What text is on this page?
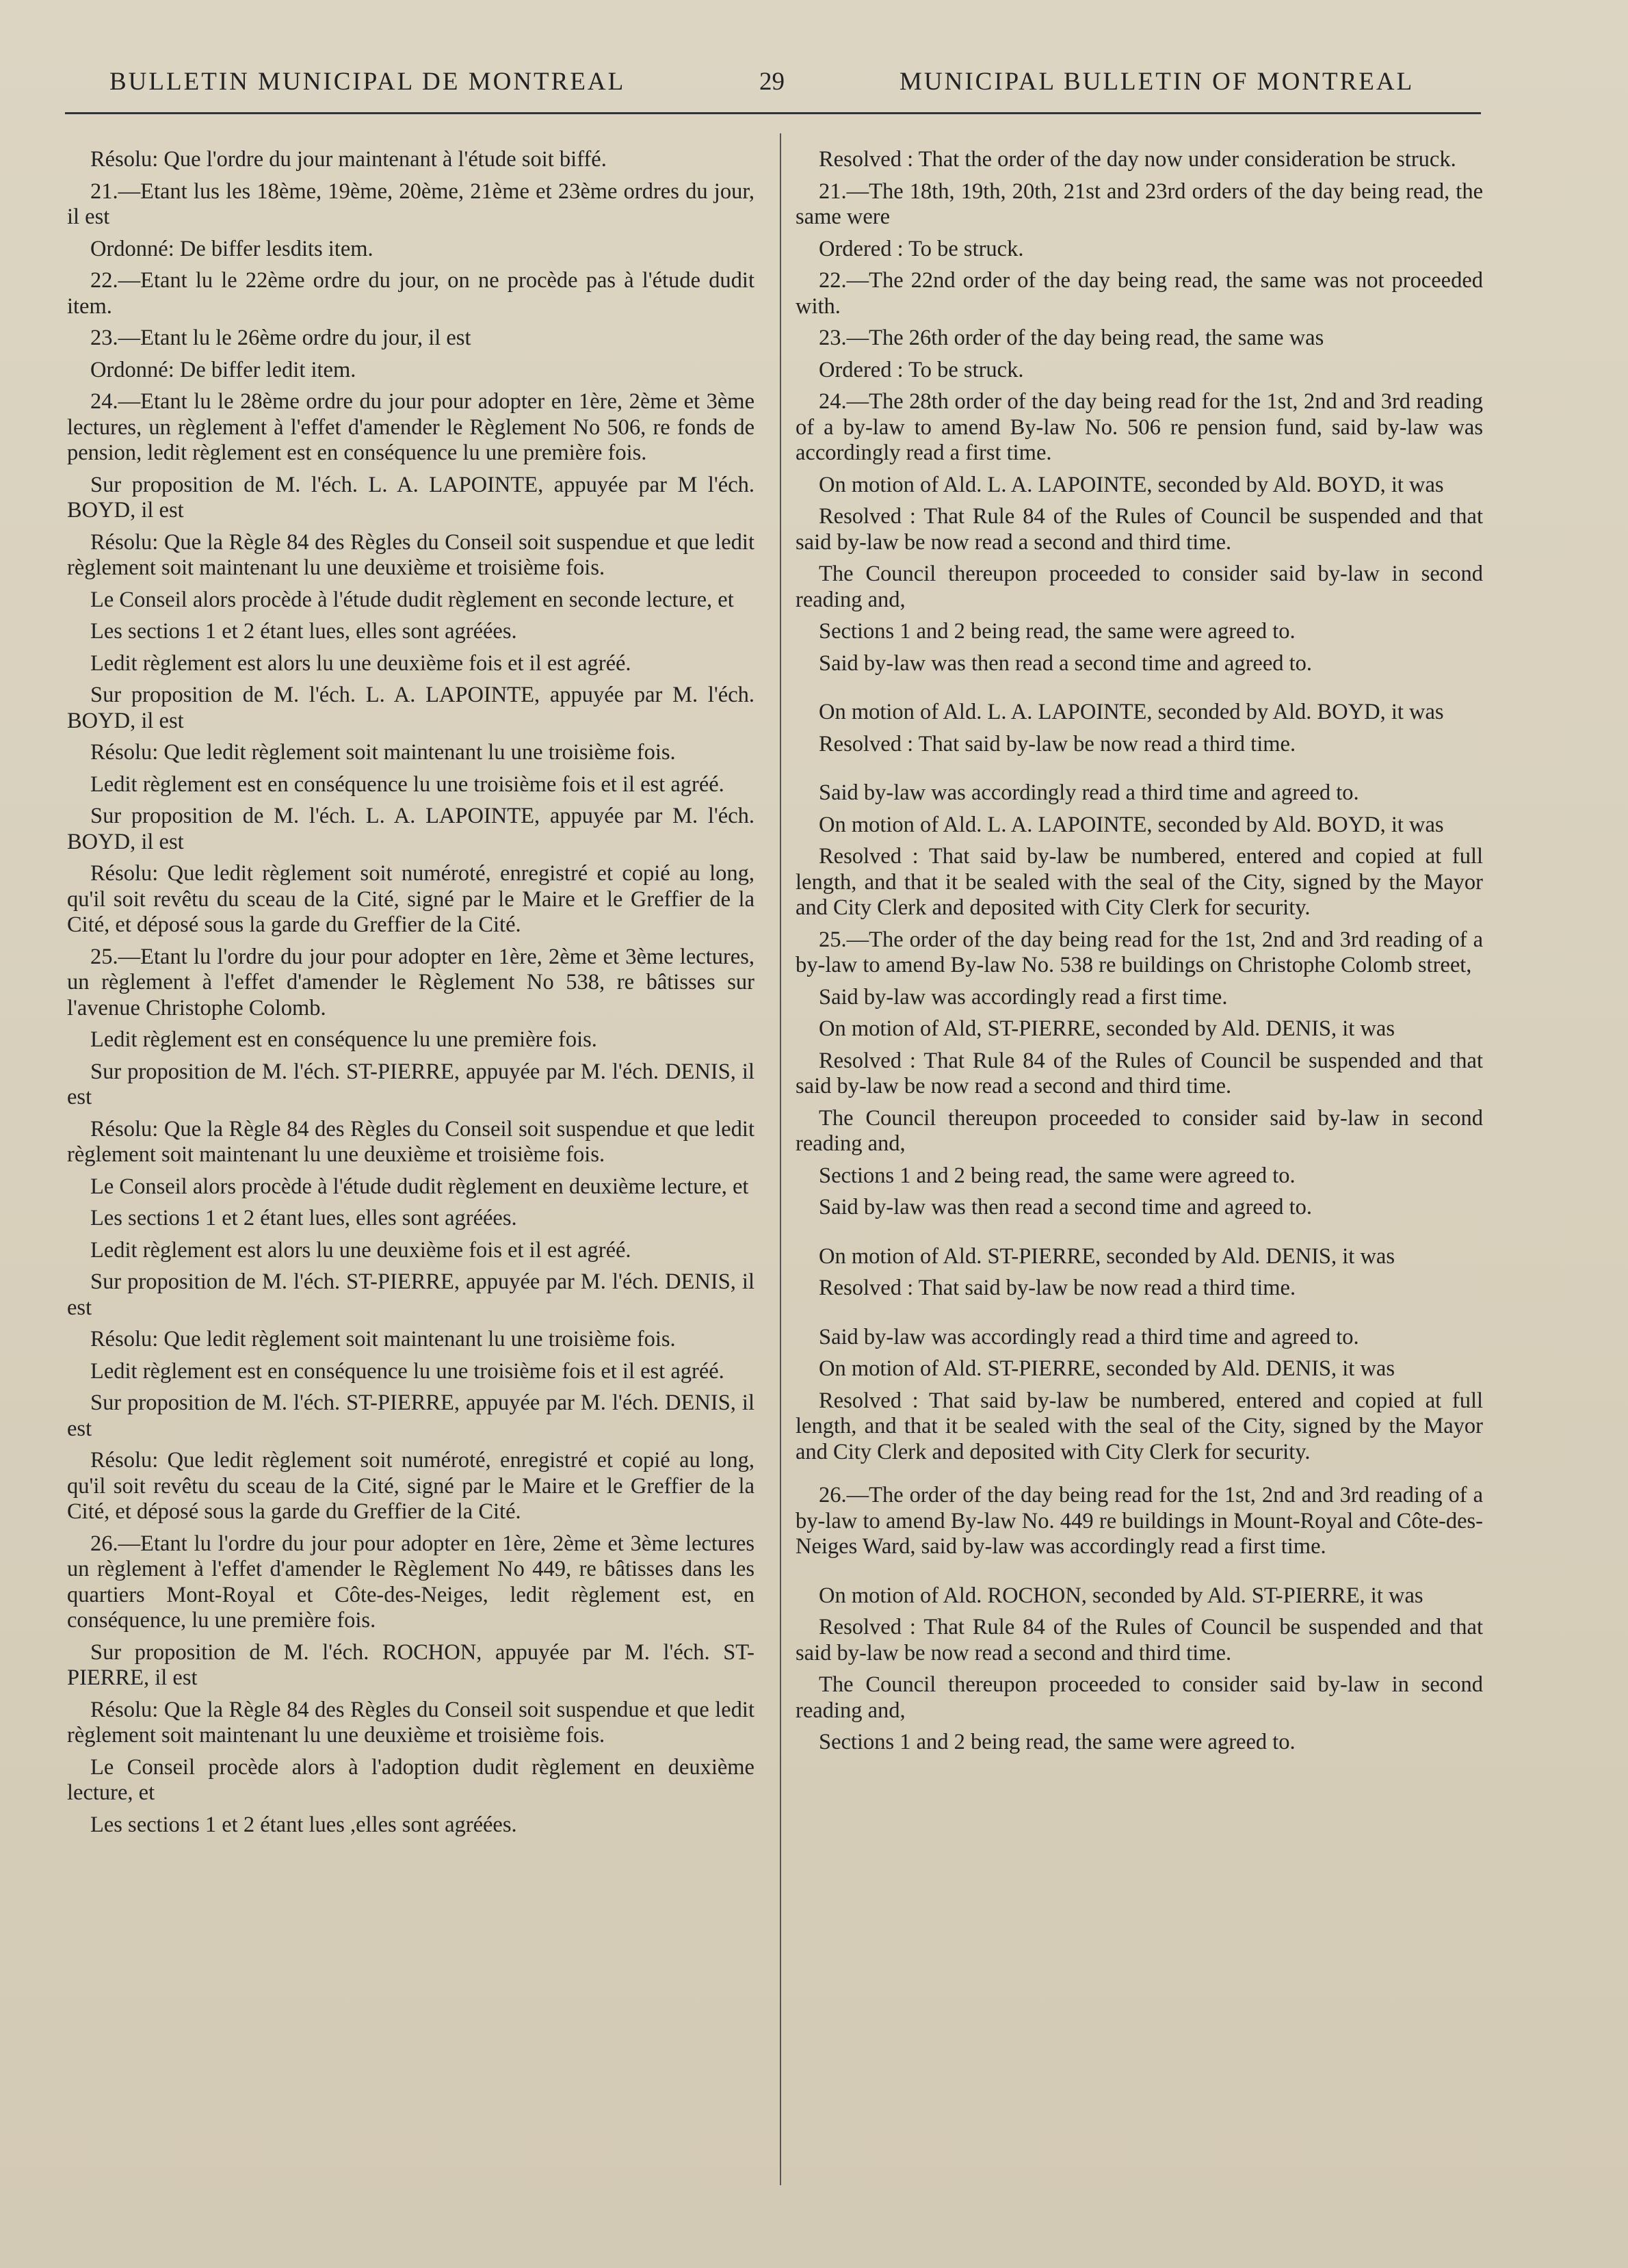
BULLETIN MUNICIPAL DE MONTREAL	29	MUNICIPAL BULLETIN OF MONTREAL

Résolu: Que l'ordre du jour maintenant à l'étude soit biffé.

21.—Etant lus les 18ème, 19ème, 20ème, 21ème et 23ème ordres du jour, il est

Ordonné: De biffer lesdits item.

22.—Etant lu le 22ème ordre du jour, on ne procède pas à l'étude dudit item.

23.—Etant lu le 26ème ordre du jour, il est

Ordonné: De biffer ledit item.

24.—Etant lu le 28ème ordre du jour pour adopter en 1ère, 2ème et 3ème lectures, un règlement à l'effet d'amender le Règlement No 506, re fonds de pension, ledit règlement est en conséquence lu une première fois.

Sur proposition de M. l'éch. L. A. LAPOINTE, appuyée par M l'éch. BOYD, il est

Résolu: Que la Règle 84 des Règles du Conseil soit suspendue et que ledit règlement soit maintenant lu une deuxième et troisième fois.

Le Conseil alors procède à l'étude dudit règlement en seconde lecture, et

Les sections 1 et 2 étant lues, elles sont agréées.

Ledit règlement est alors lu une deuxième fois et il est agréé.

Sur proposition de M. l'éch. L. A. LAPOINTE, appuyée par M. l'éch. BOYD, il est

Résolu: Que ledit règlement soit maintenant lu une troisième fois.

Ledit règlement est en conséquence lu une troisième fois et il est agréé.

Sur proposition de M. l'éch. L. A. LAPOINTE, appuyée par M. l'éch. BOYD, il est

Résolu: Que ledit règlement soit numéroté, enregistré et copié au long, qu'il soit revêtu du sceau de la Cité, signé par le Maire et le Greffier de la Cité, et déposé sous la garde du Greffier de la Cité.

25.—Etant lu l'ordre du jour pour adopter en 1ère, 2ème et 3ème lectures, un règlement à l'effet d'amender le Règlement No 538, re bâtisses sur l'avenue Christophe Colomb.

Ledit règlement est en conséquence lu une première fois.

Sur proposition de M. l'éch. ST-PIERRE, appuyée par M. l'éch. DENIS, il est

Résolu: Que la Règle 84 des Règles du Conseil soit suspendue et que ledit règlement soit maintenant lu une deuxième et troisième fois.

Le Conseil alors procède à l'étude dudit règlement en deuxième lecture, et

Les sections 1 et 2 étant lues, elles sont agréées.

Ledit règlement est alors lu une deuxième fois et il est agréé.

Sur proposition de M. l'éch. ST-PIERRE, appuyée par M. l'éch. DENIS, il est

Résolu: Que ledit règlement soit maintenant lu une troisième fois.

Ledit règlement est en conséquence lu une troisième fois et il est agréé.

Sur proposition de M. l'éch. ST-PIERRE, appuyée par M. l'éch. DENIS, il est

Résolu: Que ledit règlement soit numéroté, enregistré et copié au long, qu'il soit revêtu du sceau de la Cité, signé par le Maire et le Greffier de la Cité, et déposé sous la garde du Greffier de la Cité.

26.—Etant lu l'ordre du jour pour adopter en 1ère, 2ème et 3ème lectures un règlement à l'effet d'amender le Règlement No 449, re bâtisses dans les quartiers Mont-Royal et Côte-des-Neiges, ledit règlement est, en conséquence, lu une première fois.

Sur proposition de M. l'éch. ROCHON, appuyée par M. l'éch. ST-PIERRE, il est

Résolu: Que la Règle 84 des Règles du Conseil soit suspendue et que ledit règlement soit maintenant lu une deuxième et troisième fois.

Le Conseil procède alors à l'adoption dudit règlement en deuxième lecture, et

Les sections 1 et 2 étant lues ,elles sont agréées.

Resolved : That the order of the day now under consideration be struck.

21.—The 18th, 19th, 20th, 21st and 23rd orders of the day being read, the same were

Ordered : To be struck.

22.—The 22nd order of the day being read, the same was not proceeded with.

23.—The 26th order of the day being read, the same was

Ordered : To be struck.

24.—The 28th order of the day being read for the 1st, 2nd and 3rd reading of a by-law to amend By-law No. 506 re pension fund, said by-law was accordingly read a first time.

On motion of Ald. L. A. LAPOINTE, seconded by Ald. BOYD, it was

Resolved : That Rule 84 of the Rules of Council be suspended and that said by-law be now read a second and third time.

The Council thereupon proceeded to consider said by-law in second reading and,

Sections 1 and 2 being read, the same were agreed to.

Said by-law was then read a second time and agreed to.

On motion of Ald. L. A. LAPOINTE, seconded by Ald. BOYD, it was

Resolved : That said by-law be now read a third time.

Said by-law was accordingly read a third time and agreed to.

On motion of Ald. L. A. LAPOINTE, seconded by Ald. BOYD, it was

Resolved : That said by-law be numbered, entered and copied at full length, and that it be sealed with the seal of the City, signed by the Mayor and City Clerk and deposited with City Clerk for security.

25.—The order of the day being read for the 1st, 2nd and 3rd reading of a by-law to amend By-law No. 538 re buildings on Christophe Colomb street,

Said by-law was accordingly read a first time.

On motion of Ald, ST-PIERRE, seconded by Ald. DENIS, it was

Resolved : That Rule 84 of the Rules of Council be suspended and that said by-law be now read a second and third time.

The Council thereupon proceeded to consider said by-law in second reading and,

Sections 1 and 2 being read, the same were agreed to.

Said by-law was then read a second time and agreed to.

On motion of Ald. ST-PIERRE, seconded by Ald. DENIS, it was

Resolved : That said by-law be now read a third time.

Said by-law was accordingly read a third time and agreed to.

On motion of Ald. ST-PIERRE, seconded by Ald. DENIS, it was

Resolved : That said by-law be numbered, entered and copied at full length, and that it be sealed with the seal of the City, signed by the Mayor and City Clerk and deposited with City Clerk for security.

26.—The order of the day being read for the 1st, 2nd and 3rd reading of a by-law to amend By-law No. 449 re buildings in Mount-Royal and Côte-des-Neiges Ward, said by-law was accordingly read a first time.

On motion of Ald. ROCHON, seconded by Ald. ST-PIERRE, it was

Resolved : That Rule 84 of the Rules of Council be suspended and that said by-law be now read a second and third time.

The Council thereupon proceeded to consider said by-law in second reading and,

Sections 1 and 2 being read, the same were agreed to.
